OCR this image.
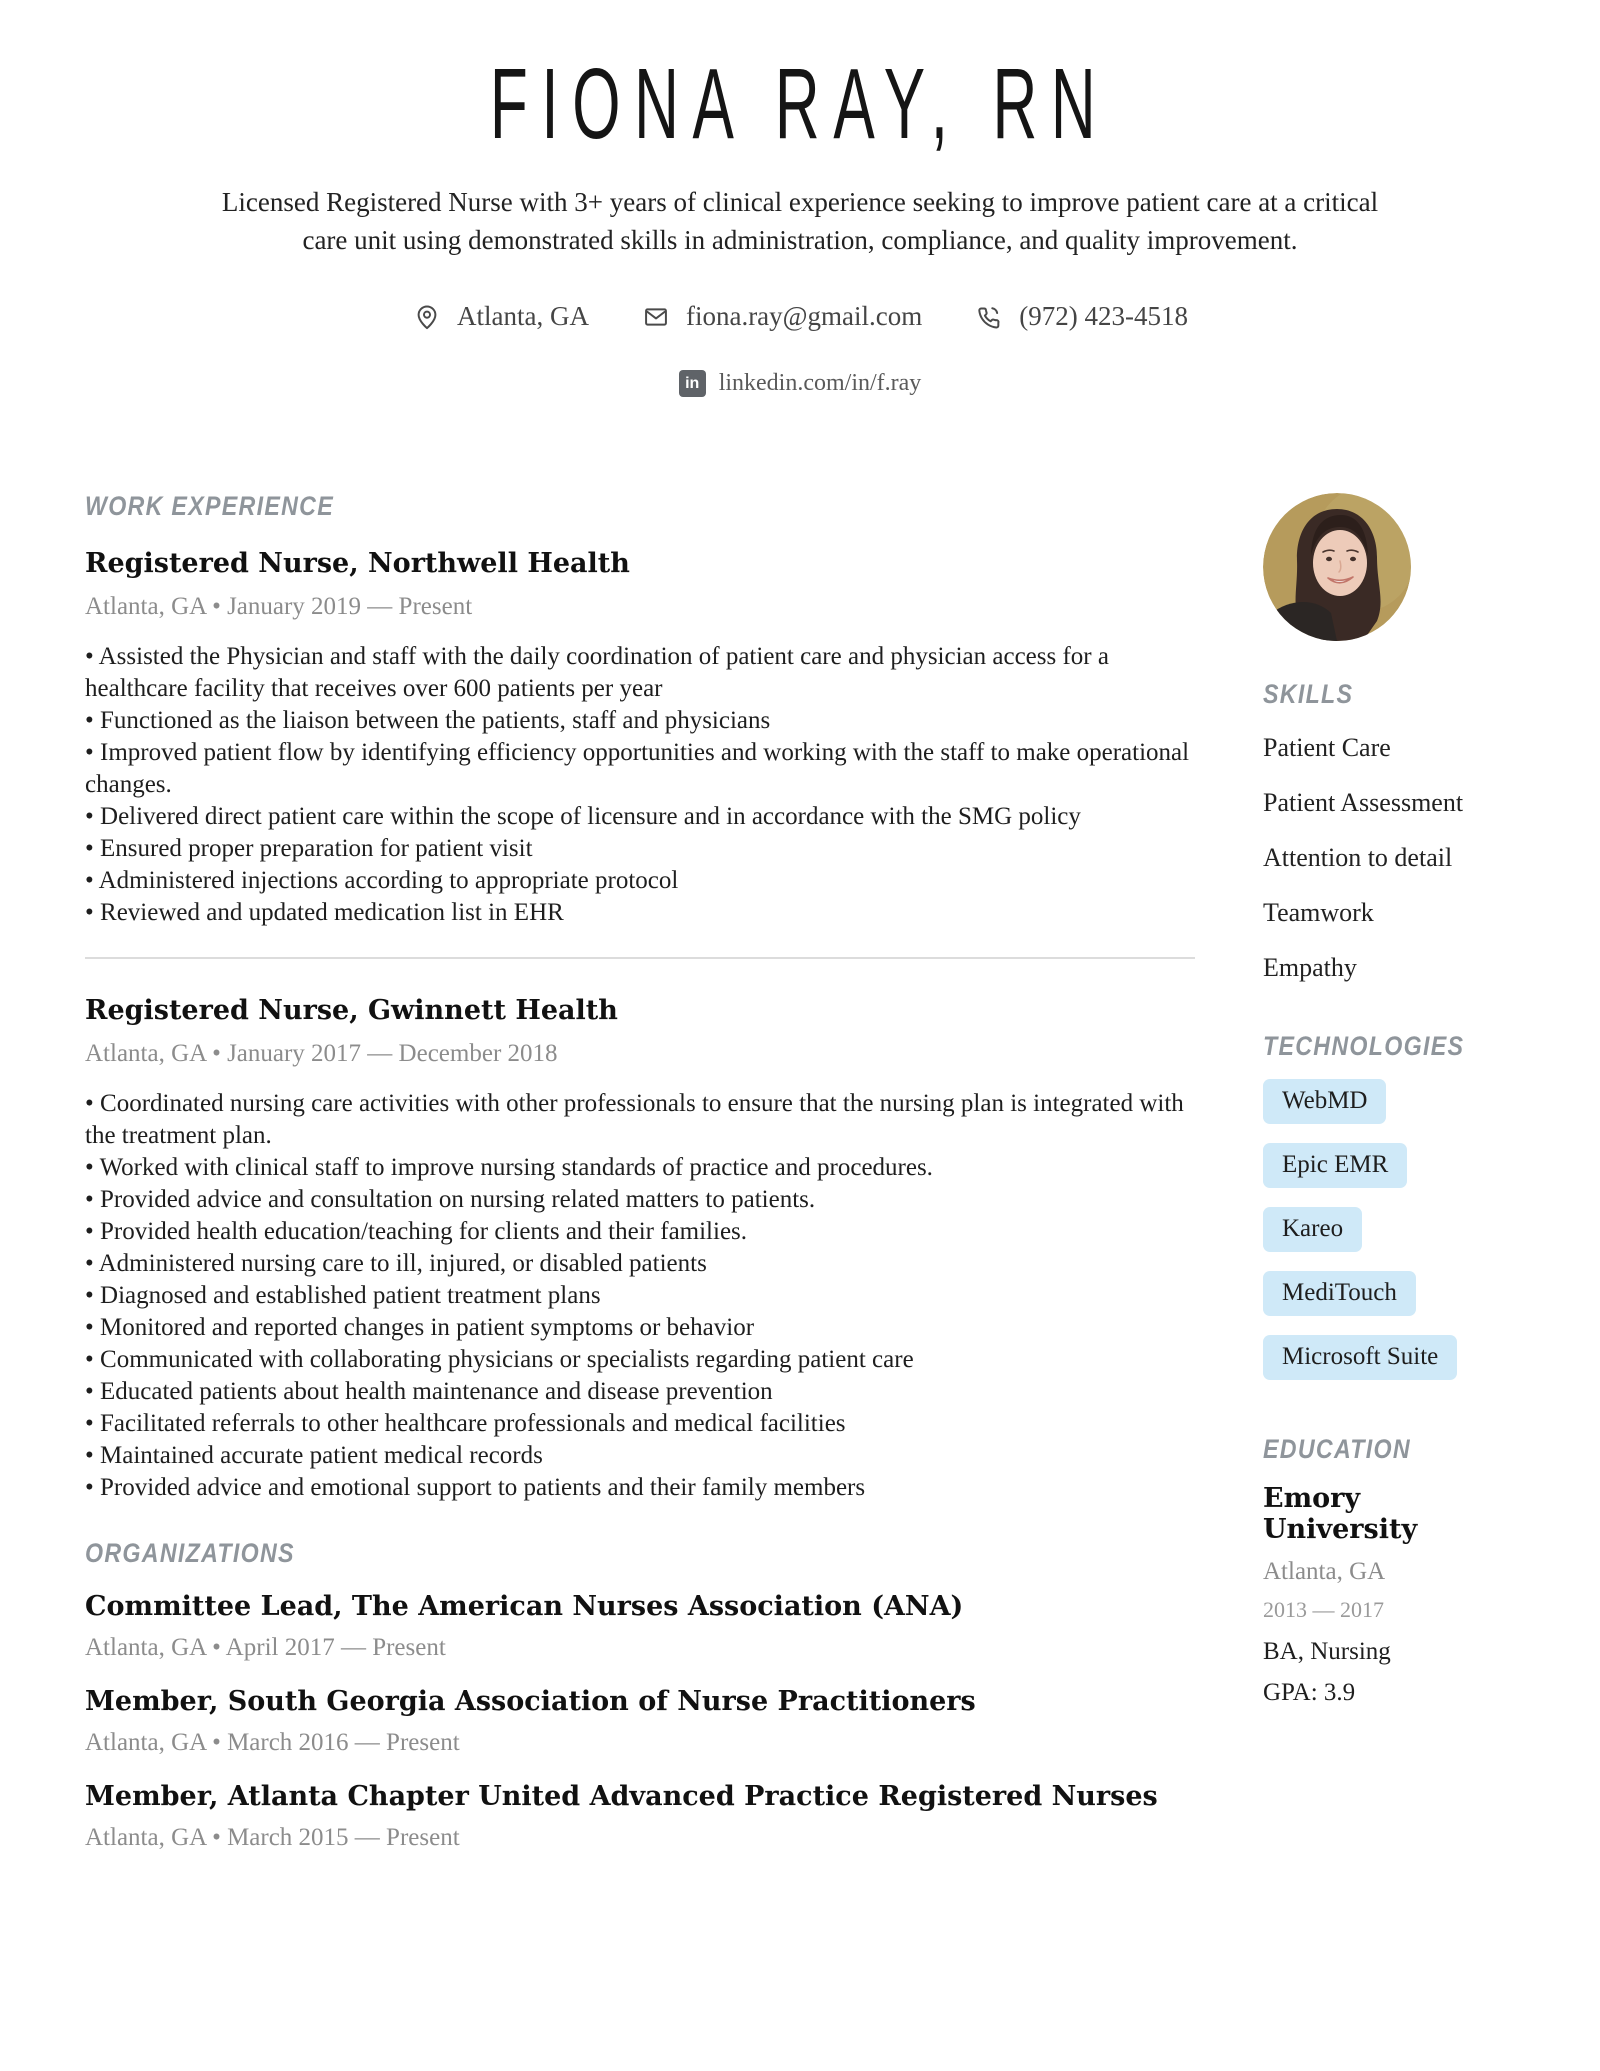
FIONA RAY, RN

Licensed Registered Nurse with 3+ years of clinical experience seeking to improve patient care at a critical care unit using demonstrated skills in administration, compliance, and quality improvement.

Atlanta, GA	fiona.ray@gmail.com	(972) 423-4518
in linkedin.com/in/f.ray
WORK EXPERIENCE
Registered Nurse, Northwell Health
Atlanta, GA • January 2019 — Present
• Assisted the Physician and staff with the daily coordination of patient care and physician access for a healthcare facility that receives over 600 patients per year
• Functioned as the liaison between the patients, staff and physicians
• Improved patient flow by identifying efficiency opportunities and working with the staff to make operational changes.
• Delivered direct patient care within the scope of licensure and in accordance with the SMG policy
• Ensured proper preparation for patient visit
• Administered injections according to appropriate protocol
• Reviewed and updated medication list in EHR
Registered Nurse, Gwinnett Health
Atlanta, GA • January 2017 — December 2018
• Coordinated nursing care activities with other professionals to ensure that the nursing plan is integrated with the treatment plan.
• Worked with clinical staff to improve nursing standards of practice and procedures.
• Provided advice and consultation on nursing related matters to patients.
• Provided health education/teaching for clients and their families.
• Administered nursing care to ill, injured, or disabled patients
• Diagnosed and established patient treatment plans
• Monitored and reported changes in patient symptoms or behavior
• Communicated with collaborating physicians or specialists regarding patient care
• Educated patients about health maintenance and disease prevention
• Facilitated referrals to other healthcare professionals and medical facilities
• Maintained accurate patient medical records
• Provided advice and emotional support to patients and their family members
ORGANIZATIONS
Committee Lead, The American Nurses Association (ANA)
Atlanta, GA • April 2017 — Present
Member, South Georgia Association of Nurse Practitioners
Atlanta, GA • March 2016 — Present
Member, Atlanta Chapter United Advanced Practice Registered Nurses
Atlanta, GA • March 2015 — Present
SKILLS
Patient Care
Patient Assessment
Attention to detail
Teamwork
Empathy
TECHNOLOGIES
WebMD
Epic EMR
Kareo
MediTouch
Microsoft Suite
EDUCATION
Emory University
Atlanta, GA
2013 — 2017
BA, Nursing
GPA: 3.9
